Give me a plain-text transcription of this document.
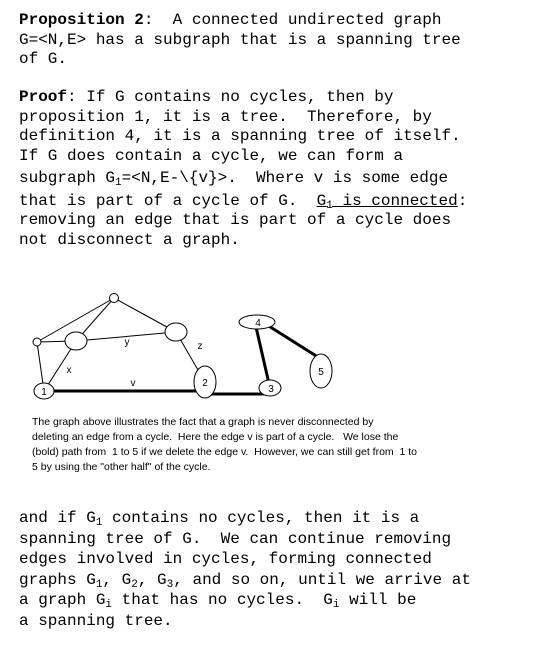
Proposition 2:  A connected undirected graph
G=<N,E> has a subgraph that is a spanning tree
of G.
Proof: If G contains no cycles, then by
proposition 1, it is a tree.  Therefore, by
definition 4, it is a spanning tree of itself.
If G does contain a cycle, we can form a
subgraph $G_1=<N,E-\backslash\{v\}>$.  Where v is some edge
that is part of a cycle of G.  $G_1$ is connected:
removing an edge that is part of a cycle does
not disconnect a graph.
1
2
3
4
5
y	z
x
v
The graph above illustrates the fact that a graph is never disconnected by
deleting an edge from a cycle.  Here the edge v is part of a cycle.   We lose the
(bold) path from  1 to 5 if we delete the edge v.  However, we can still get from  1 to
5 by using the "other half" of the cycle.
and if $G_1$ contains no cycles, then it is a
spanning tree of G.  We can continue removing
edges involved in cycles, forming connected
graphs $G_1$, $G_2$, $G_3$, and so on, until we arrive at
a graph $G_i$ that has no cycles.  $G_i$ will be
a spanning tree.
